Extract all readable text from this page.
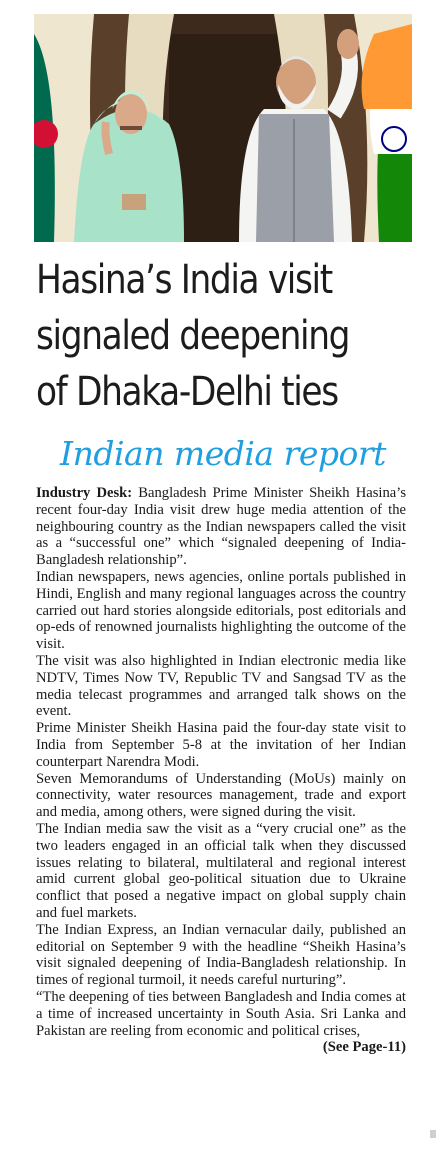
Hasina’s India visit
signaled deepening
of Dhaka-Delhi ties
Indian media report

Industry Desk: Bangladesh Prime Minister Sheikh Hasina’s recent four-day India visit drew huge media attention of the neighbouring country as the Indian newspapers called the visit as a “successful one” which “signaled deepening of India-Bangladesh relationship”.

Indian newspapers, news agencies, online portals published in Hindi, English and many regional languages across the country carried out hard stories alongside editorials, post editorials and op-eds of renowned journalists highlighting the outcome of the visit.

The visit was also highlighted in Indian electronic media like NDTV, Times Now TV, Republic TV and Sangsad TV as the media telecast programmes and arranged talk shows on the event.

Prime Minister Sheikh Hasina paid the four-day state visit to India from September 5-8 at the invitation of her Indian counterpart Narendra Modi.

Seven Memorandums of Understanding (MoUs) mainly on connectivity, water resources management, trade and export and media, among others, were signed during the visit.

The Indian media saw the visit as a “very crucial one” as the two leaders engaged in an official talk when they discussed issues relating to bilateral, multilateral and regional interest amid current global geo-political situation due to Ukraine conflict that posed a negative impact on global supply chain and fuel markets.

The Indian Express, an Indian vernacular daily, published an editorial on September 9 with the headline “Sheikh Hasina’s visit signaled deepening of India-Bangladesh relationship. In times of regional turmoil, it needs careful nurturing”.

“The deepening of ties between Bangladesh and India comes at a time of increased uncertainty in South Asia. Sri Lanka and Pakistan are reeling from economic and political crises,
(See Page-11)
